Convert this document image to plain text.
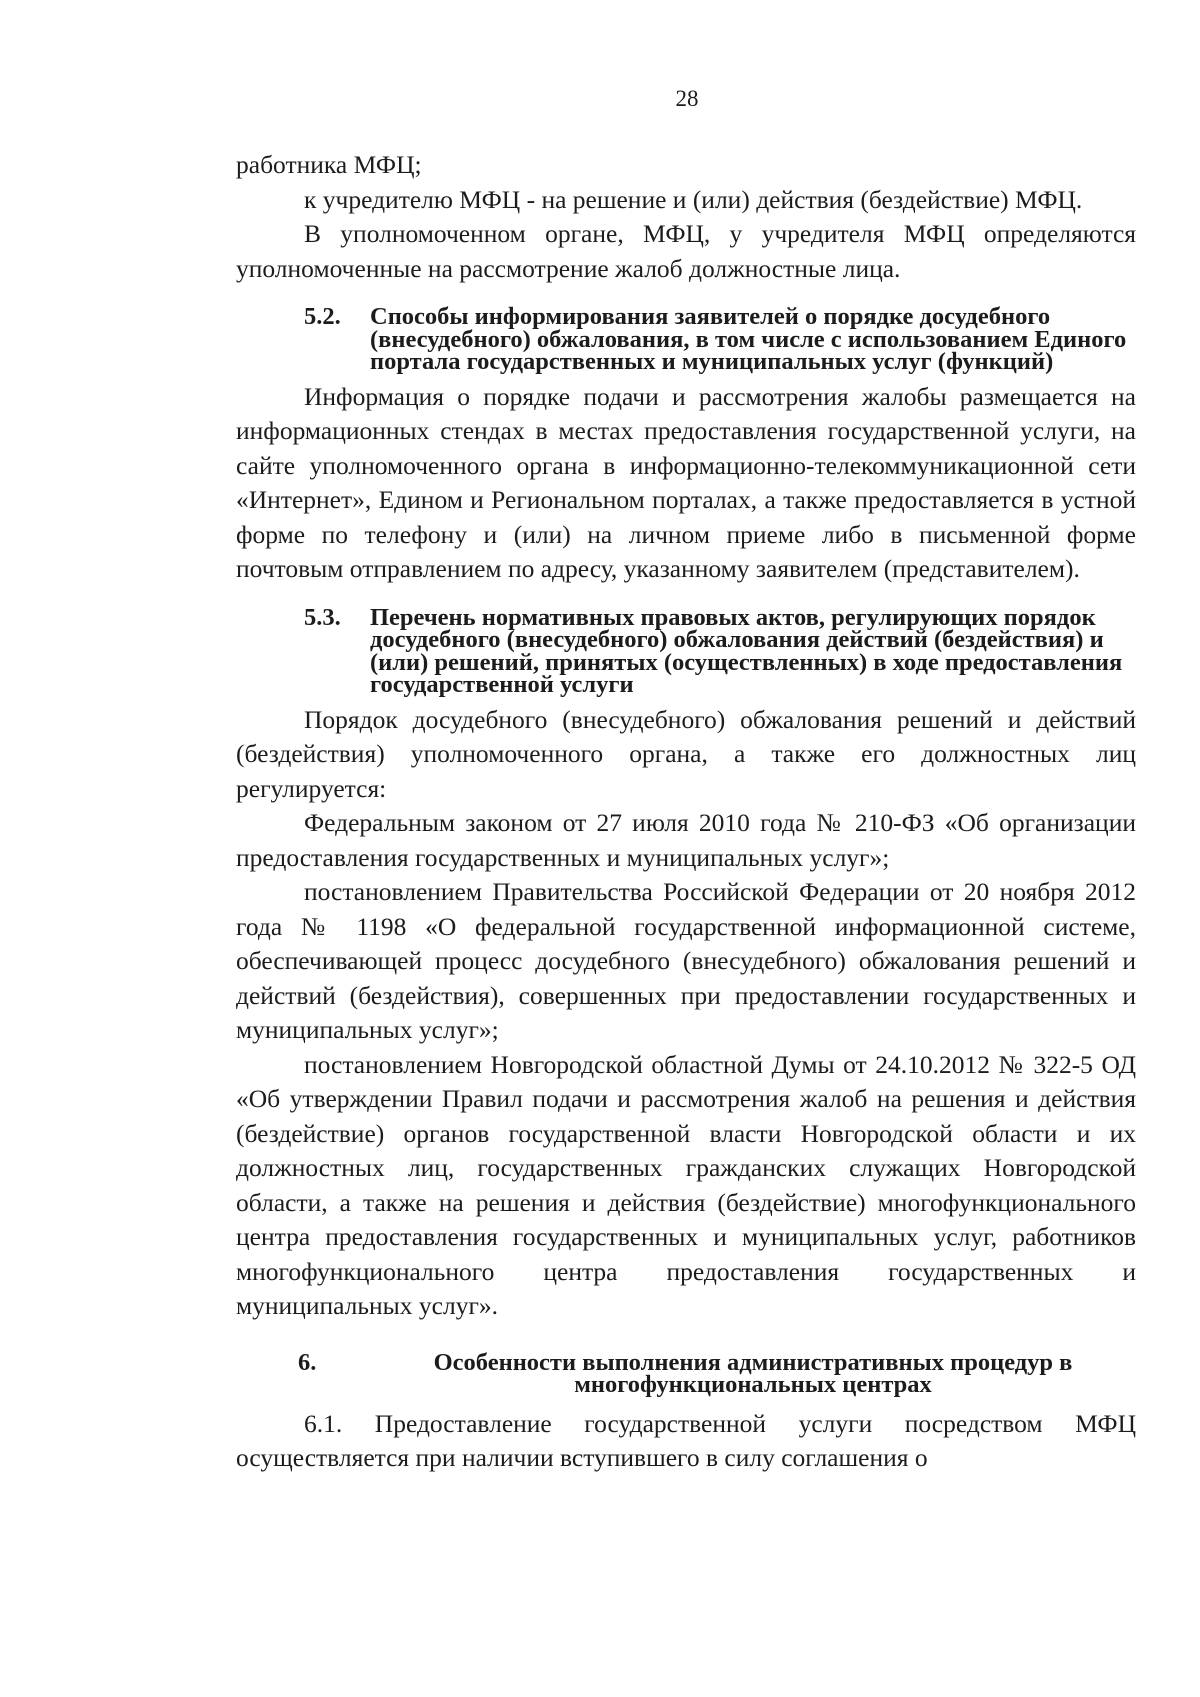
28

работника МФЦ;

к учредителю МФЦ - на решение и (или) действия (бездействие) МФЦ.

В уполномоченном органе, МФЦ, у учредителя МФЦ определяются уполномоченные на рассмотрение жалоб должностные лица.

5.2.	Способы информирования заявителей о порядке досудебного (внесудебного) обжалования, в том числе с использованием Единого портала государственных и муниципальных услуг (функций)

Информация о порядке подачи и рассмотрения жалобы размещается на информационных стендах в местах предоставления государственной услуги, на сайте уполномоченного органа в информационно-телекоммуникационной сети «Интернет», Едином и Региональном порталах, а также предоставляется в устной форме по телефону и (или) на личном приеме либо в письменной форме почтовым отправлением по адресу, указанному заявителем (представителем).

5.3.	Перечень нормативных правовых актов, регулирующих порядок досудебного (внесудебного) обжалования действий (бездействия) и (или) решений, принятых (осуществленных) в ходе предоставления государственной услуги

Порядок досудебного (внесудебного) обжалования решений и действий (бездействия) уполномоченного органа, а также его должностных лиц регулируется:

Федеральным законом от 27 июля 2010 года № 210-ФЗ «Об организации предоставления государственных и муниципальных услуг»;

постановлением Правительства Российской Федерации от 20 ноября 2012 года № 1198 «О федеральной государственной информационной системе, обеспечивающей процесс досудебного (внесудебного) обжалования решений и действий (бездействия), совершенных при предоставлении государственных и муниципальных услуг»;

постановлением Новгородской областной Думы от 24.10.2012 № 322-5 ОД «Об утверждении Правил подачи и рассмотрения жалоб на решения и действия (бездействие) органов государственной власти Новгородской области и их должностных лиц, государственных гражданских служащих Новгородской области, а также на решения и действия (бездействие) многофункционального центра предоставления государственных и муниципальных услуг, работников многофункционального центра предоставления государственных и муниципальных услуг».

6.	Особенности выполнения административных процедур в многофункциональных центрах

6.1. Предоставление государственной услуги посредством МФЦ осуществляется при наличии вступившего в силу соглашения о
